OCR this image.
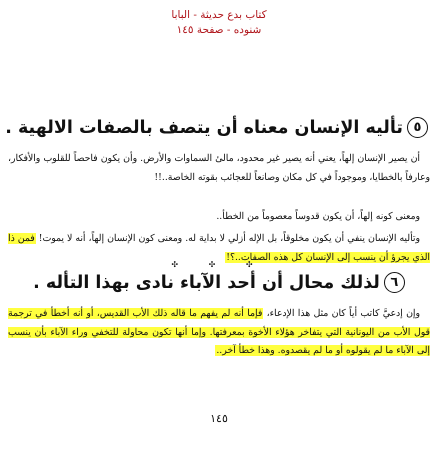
كتاب بدع حديثة - البابا
شنوده - صفحة ١٤٥
٥تأليه الإنسان معناه أن يتصف بالصفات الالهية .
أن يصير الإنسان إلهاً، يعني أنه يصير غير محدود، مالئ السماوات والأرض. وأن يكون فاحصاً للقلوب والأفكار، وعارفاً بالخطايا، وموجوداً في كل مكان وصانعاً للعجائب بقوته الخاصة..!!
ومعنى كونه إلهاً، أن يكون قدوساً معصوماً من الخطأ..
وتأليه الإنسان ينفي أن يكون مخلوقاً، بل الإله أزلي لا بداية له. ومعنى كون الإنسان إلهاً، أنه لا يموت! فمن ذا الذي يجرؤ أن ينسب إلى الإنسان كل هذه الصفات..؟!
✣ ✣ ✣
٦لذلك محال أن أحد الآباء نادى بهذا التأله .
وإن إدعيَّ كاتب أياً كان مثل هذا الإدعاء، فإما أنه لم يفهم ما قاله ذلك الأب القديس، أو أنه أخطأ في ترجمة قول الأب من اليونانية التي يتفاخر هؤلاء الأخوة بمعرفتها. وإما أنها تكون محاولة للتخفي وراء الآباء بأن ينسب إلى الآباء ما لم يقولوه أو ما لم يقصدوه. وهذا خطأ آخر..
١٤٥
